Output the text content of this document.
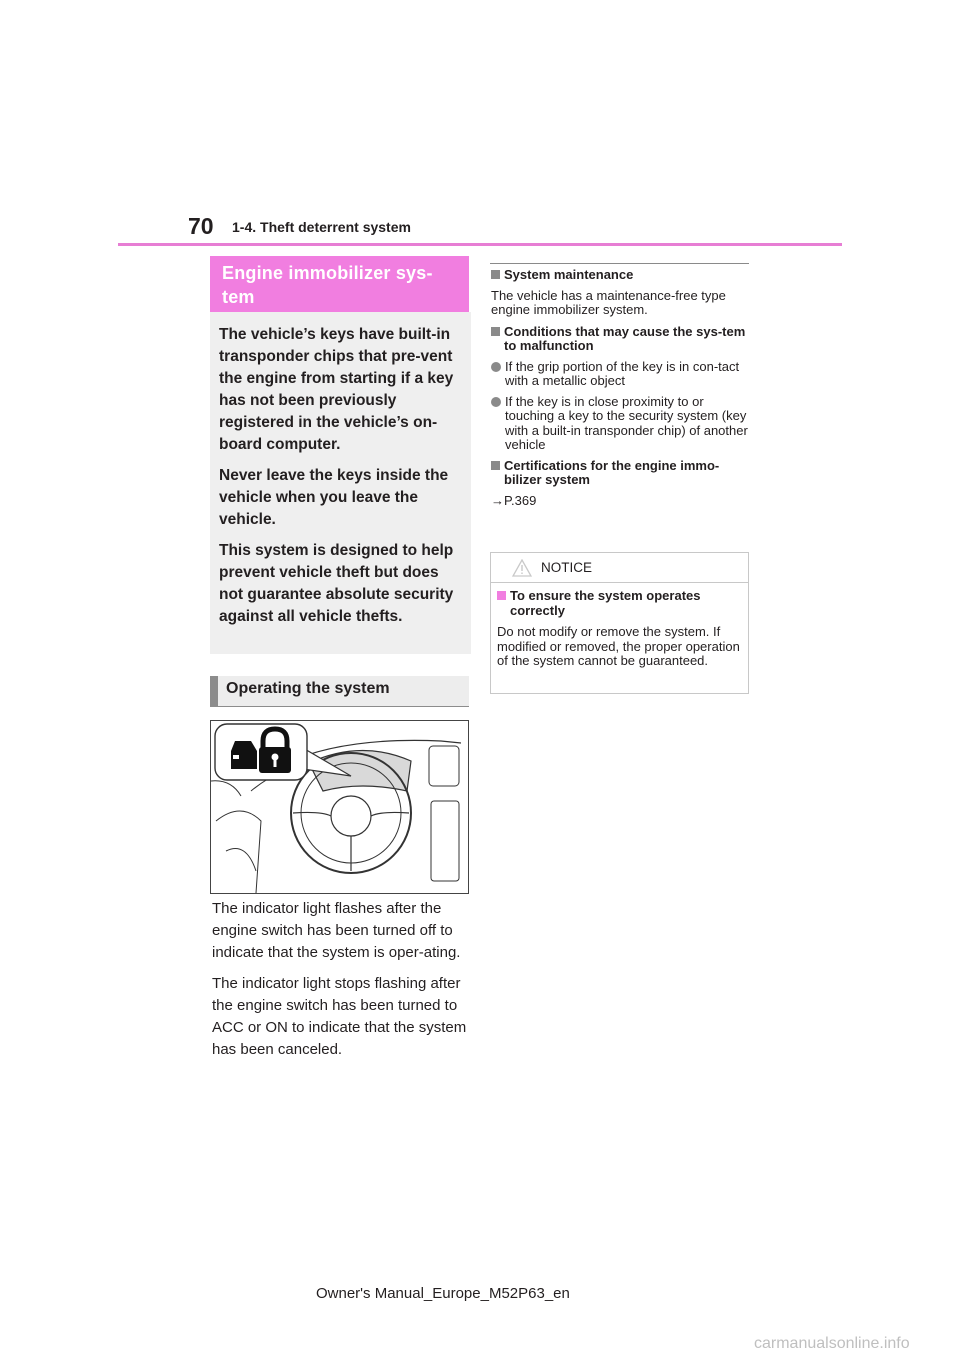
70 1-4. Theft deterrent system
Engine immobilizer sys-tem

The vehicle’s keys have built-in transponder chips that pre-vent the engine from starting if a key has not been previously registered in the vehicle’s on-board computer.

Never leave the keys inside the vehicle when you leave the vehicle.

This system is designed to help prevent vehicle theft but does not guarantee absolute security against all vehicle thefts.

Operating the system

The indicator light flashes after the engine switch has been turned off to indicate that the system is oper-ating.

The indicator light stops flashing after the engine switch has been turned to ACC or ON to indicate that the system has been canceled.

System maintenance

The vehicle has a maintenance-free type engine immobilizer system.

Conditions that may cause the sys-tem to malfunction
If the grip portion of the key is in con-tact with a metallic object
If the key is in close proximity to or touching a key to the security system (key with a built-in transponder chip) of another vehicle
Certifications for the engine immo-bilizer system

→P.369

NOTICE
To ensure the system operates correctly

Do not modify or remove the system. If modified or removed, the proper operation of the system cannot be guaranteed.

Owner's Manual_Europe_M52P63_en
carmanualsonline.info
